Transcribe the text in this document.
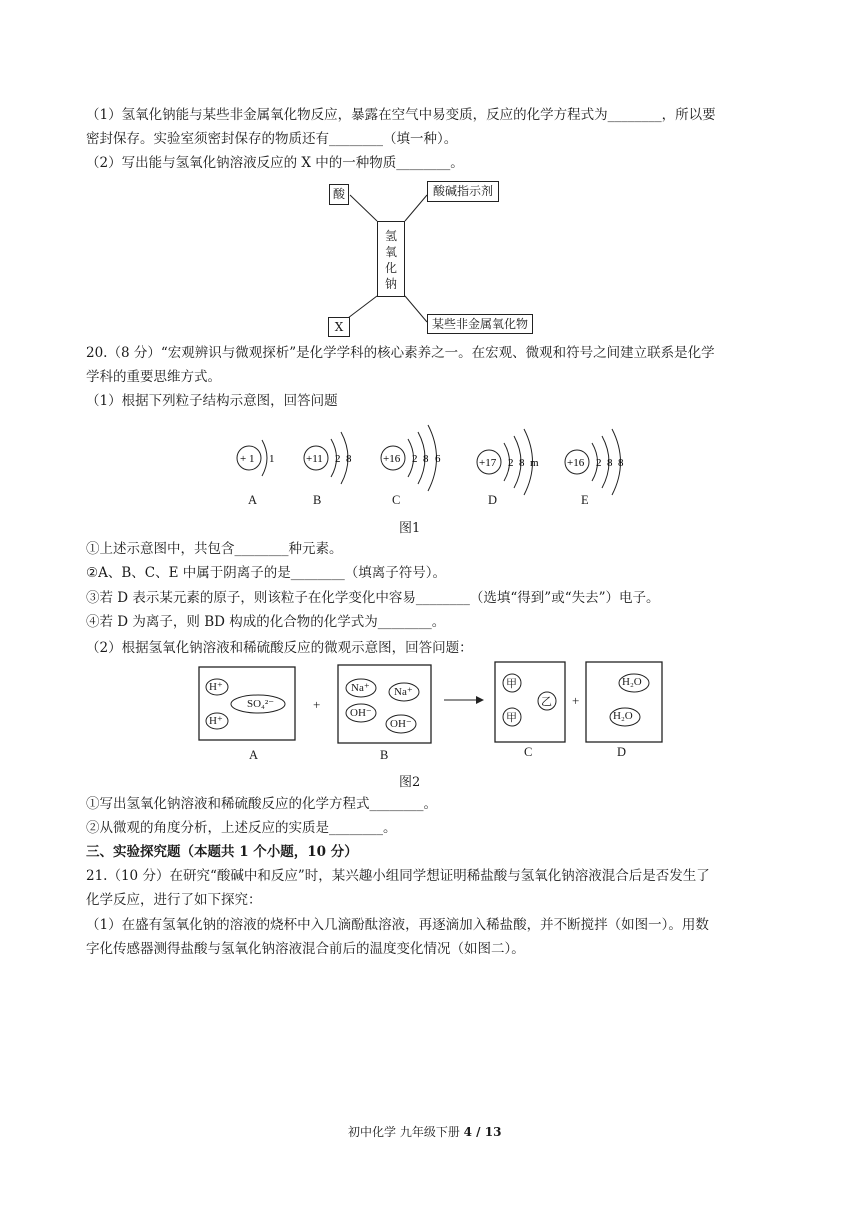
（1）氢氧化钠能与某些非金属氧化物反应，暴露在空气中易变质，反应的化学方程式为________，所以要
密封保存。实验室须密封保存的物质还有________（填一种）。
（2）写出能与氢氧化钠溶液反应的 X 中的一种物质________。
酸	酸碱指示剂
氢
氧
化
钠
X	某些非金属氧化物
20.（8 分）“宏观辨识与微观探析”是化学学科的核心素养之一。在宏观、微观和符号之间建立联系是化学
学科的重要思维方式。
（1）根据下列粒子结构示意图，回答问题
+ 1 1	+11 2 8	+16 2 8 6	+17 2 8 m	+16 2 8 8
A	B	C	D	E
图1
①上述示意图中，共包含________种元素。
②A、B、C、E 中属于阴离子的是________（填离子符号）。
③若 D 表示某元素的原子，则该粒子在化学变化中容易________（选填“得到”或“失去”）电子。
④若 D 为离子，则 BD 构成的化合物的化学式为________。
（2）根据氢氧化钠溶液和稀硫酸反应的微观示意图，回答问题：
H⁺
H⁺
SO₄²⁻	+
Na⁺ Na⁺
OH⁻
OH⁻
甲
甲
乙 +
H₂O
H₂O
A	B	C	D
图2
①写出氢氧化钠溶液和稀硫酸反应的化学方程式________。
②从微观的角度分析，上述反应的实质是________。
三、实验探究题（本题共 1 个小题，10 分）
21.（10 分）在研究“酸碱中和反应”时，某兴趣小组同学想证明稀盐酸与氢氧化钠溶液混合后是否发生了
化学反应，进行了如下探究：
（1）在盛有氢氧化钠的溶液的烧杯中入几滴酚酞溶液，再逐滴加入稀盐酸，并不断搅拌（如图一）。用数
字化传感器测得盐酸与氢氧化钠溶液混合前后的温度变化情况（如图二）。
初中化学 九年级下册 4 / 13
